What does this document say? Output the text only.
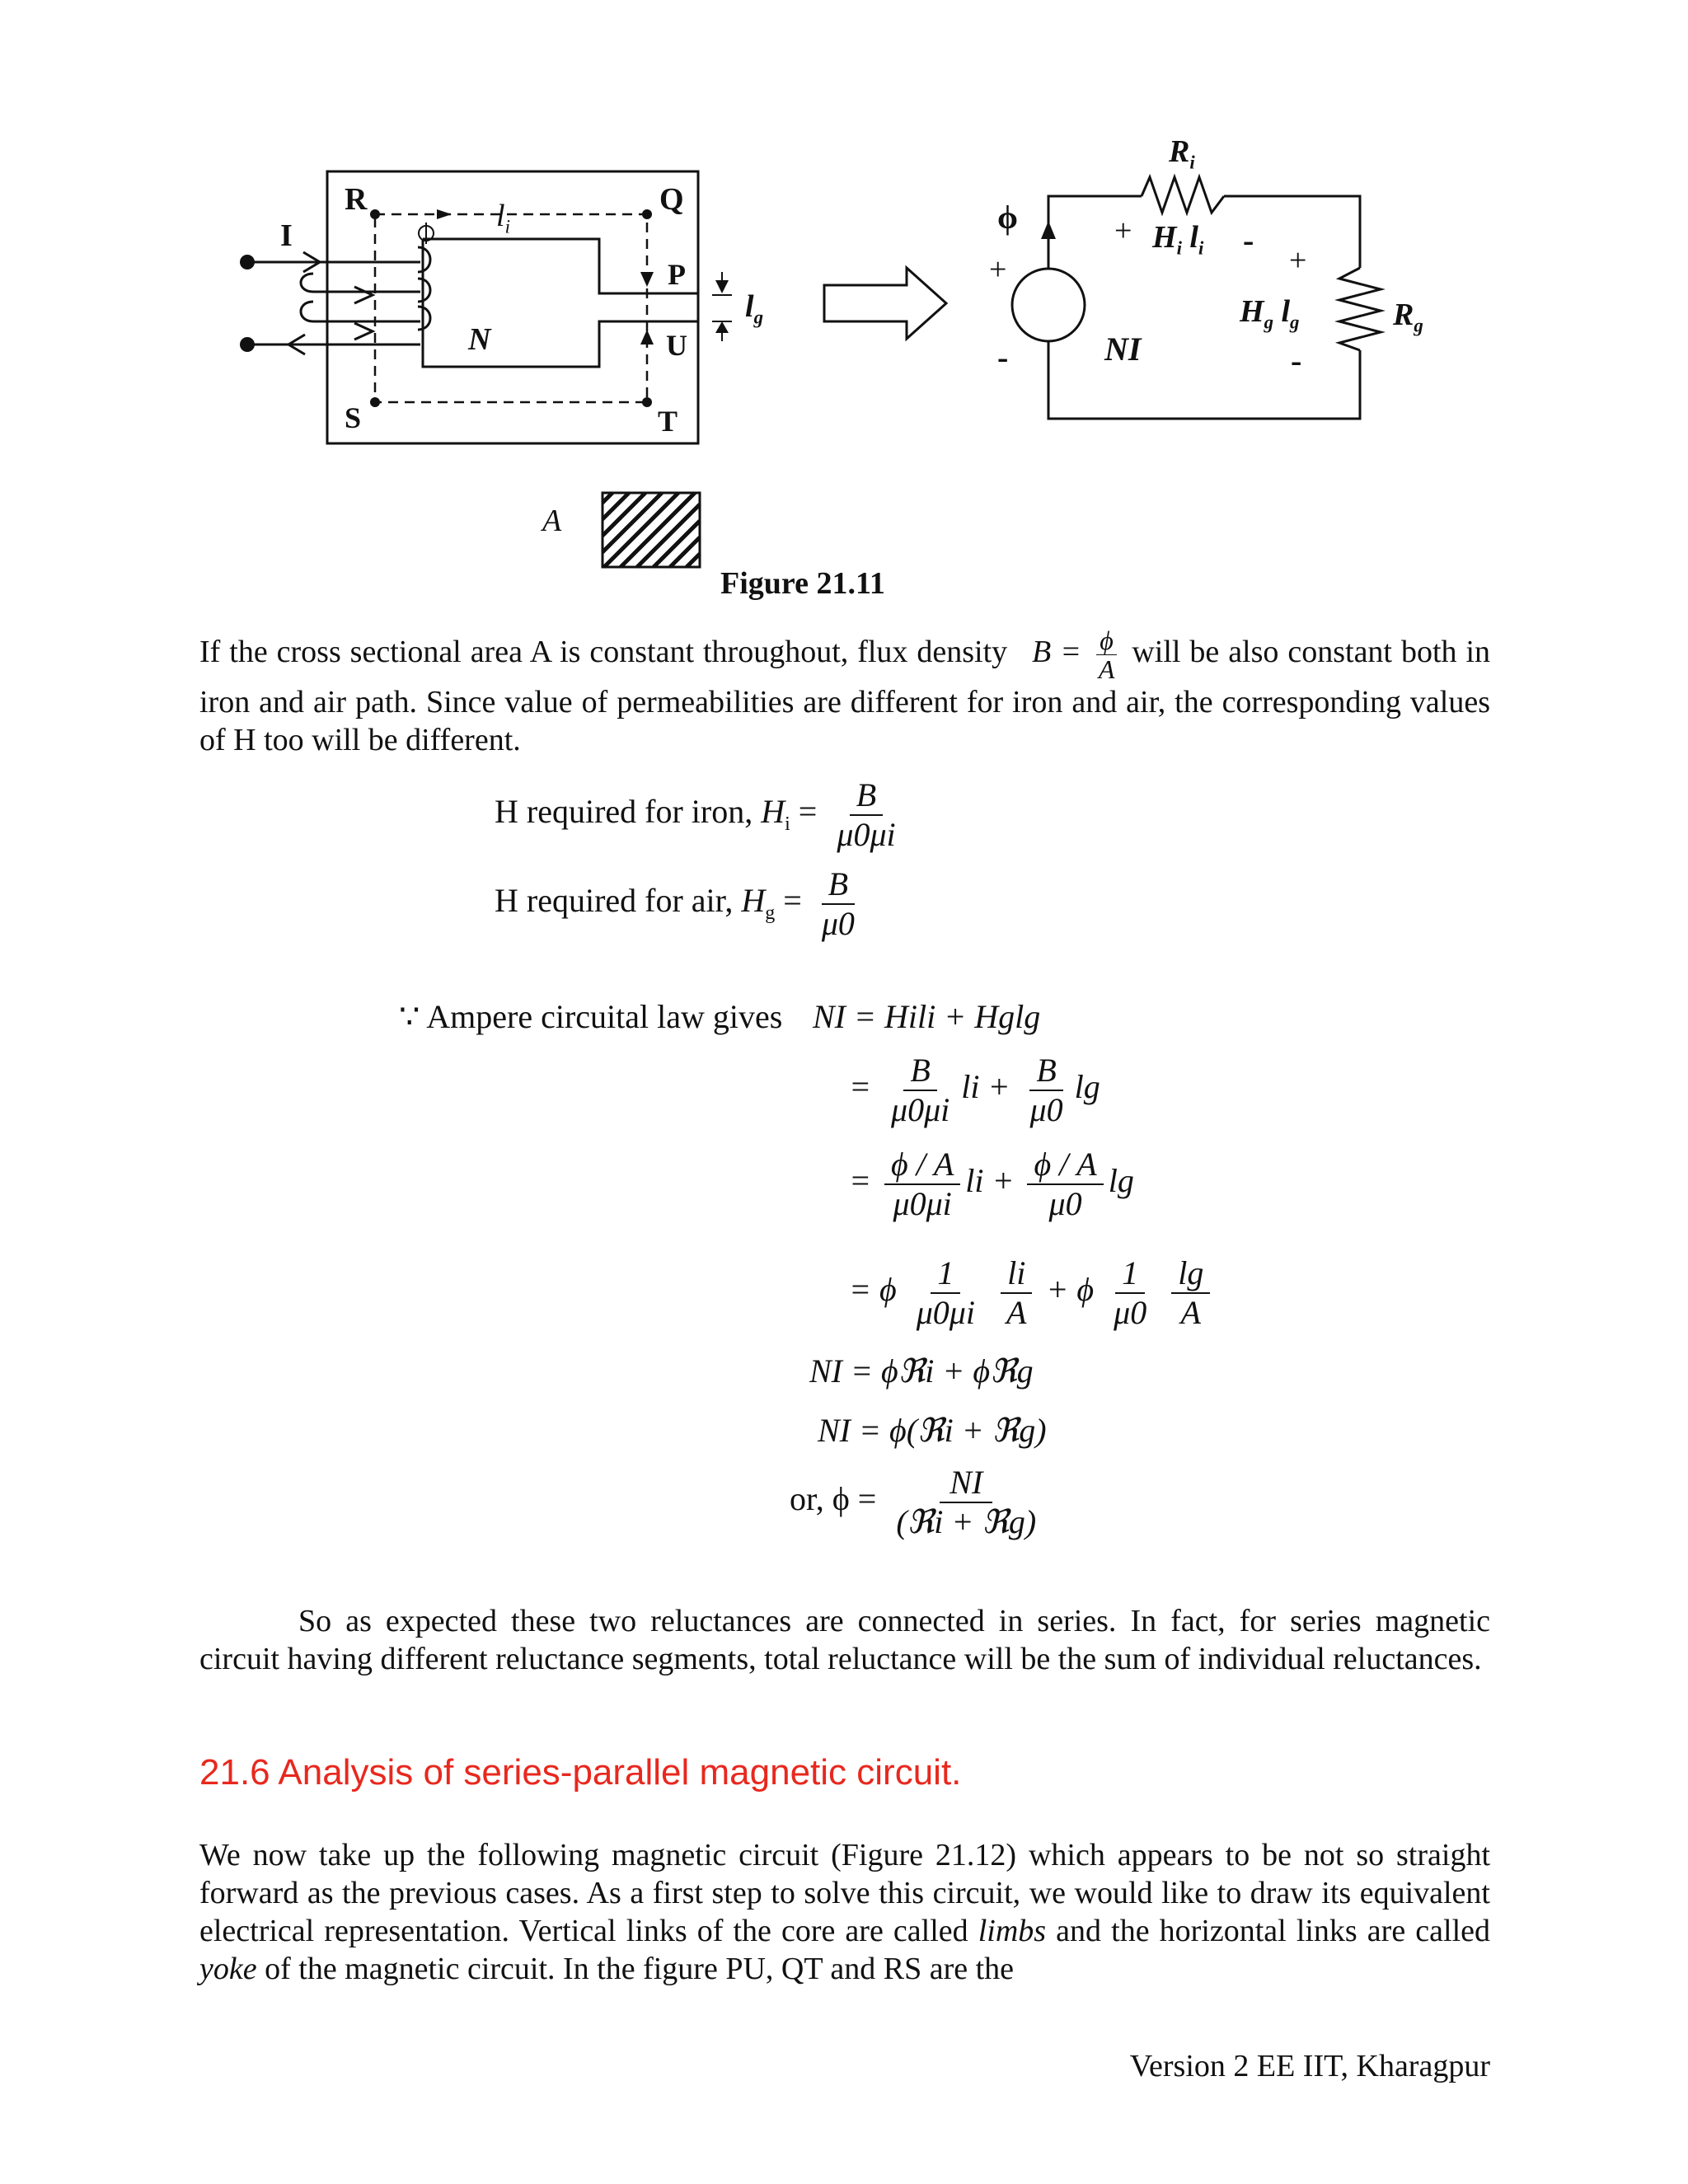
R	Q
P
U
S	T
I
N
$l_i$
$l_g$
A
ϕ
+
-	NI
$R_i$
+ $H_i$ $l_i$ -
+
$H_g$ $l_g$
-
$R_g$
Figure 21.11
If the cross sectional area A is constant throughout, flux density $B = \frac{\phi}{A}$ will be also constant both in iron and air path. Since value of permeabilities are different for iron and air, the corresponding values of H too will be different.
H required for iron, $H_i = \frac{B}{\mu 0\mu i}$
H required for air, $H_g = \frac{B}{\mu 0}$
∵ Ampere circuital law gives NI = Hili + Hglg
= $\frac{B}{\mu 0\mu i}$ li + $\frac{B}{\mu 0}$ lg
= $\frac{\phi / A}{\mu 0\mu i}$ li + $\frac{\phi / A}{\mu 0}$ lg
= ϕ $\frac{1}{\mu 0\mu i}$
$\frac{li}{A} + \phi \frac{1}{\mu 0}$
$\frac{\lg}{A}$
NI = ϕℜi + ϕℜg
NI = ϕ(ℜi + ℜg)
or, $\phi = \frac{NI}{\text{(ℜi + ℜg)}}$
So as expected these two reluctances are connected in series. In fact, for series magnetic circuit having different reluctance segments, total reluctance will be the sum of individual reluctances.
21.6 Analysis of series-parallel magnetic circuit.
We now take up the following magnetic circuit (Figure 21.12) which appears to be not so straight forward as the previous cases. As a first step to solve this circuit, we would like to draw its equivalent electrical representation. Vertical links of the core are called limbs and the horizontal links are called yoke of the magnetic circuit. In the figure PU, QT and RS are the
Version 2 EE IIT, Kharagpur
